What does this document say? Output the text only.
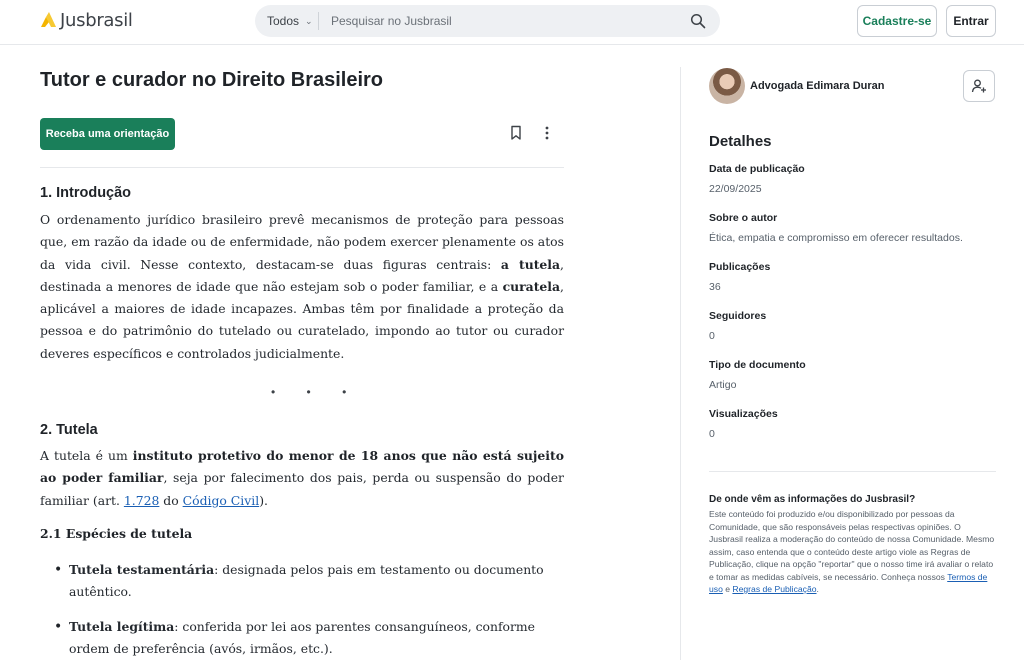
Jusbrasil	Todos ⌄
Pesquisar no Jusbrasil	Cadastre-se	Entrar
Tutor e curador no Direito Brasileiro
Receba uma orientação
1. Introdução

O ordenamento jurídico brasileiro prevê mecanismos de proteção para pessoas que, em razão da idade ou de enfermidade, não podem exercer plenamente os atos da vida civil. Nesse contexto, destacam-se duas figuras centrais: a tutela, destinada a menores de idade que não estejam sob o poder familiar, e a curatela, aplicável a maiores de idade incapazes. Ambas têm por finalidade a proteção da pessoa e do patrimônio do tutelado ou curatelado, impondo ao tutor ou curador deveres específicos e controlados judicialmente.

• • •
2. Tutela

A tutela é um instituto protetivo do menor de 18 anos que não está sujeito ao poder familiar, seja por falecimento dos pais, perda ou suspensão do poder familiar (art. 1.728 do Código Civil).

2.1 Espécies de tutela
• Tutela testamentária: designada pelos pais em testamento ou documento autêntico.
• Tutela legítima: conferida por lei aos parentes consanguíneos, conforme ordem de preferência (avós, irmãos, etc.).
Advogada Edimara Duran
Detalhes
Data de publicação
22/09/2025
Sobre o autor
Ética, empatia e compromisso em oferecer resultados.
Publicações
36
Seguidores
0
Tipo de documento
Artigo
Visualizações
0
De onde vêm as informações do Jusbrasil?

Este conteúdo foi produzido e/ou disponibilizado por pessoas da Comunidade, que são responsáveis pelas respectivas opiniões. O Jusbrasil realiza a moderação do conteúdo de nossa Comunidade. Mesmo assim, caso entenda que o conteúdo deste artigo viole as Regras de Publicação, clique na opção "reportar" que o nosso time irá avaliar o relato e tomar as medidas cabíveis, se necessário. Conheça nossos Termos de uso e Regras de Publicação.
